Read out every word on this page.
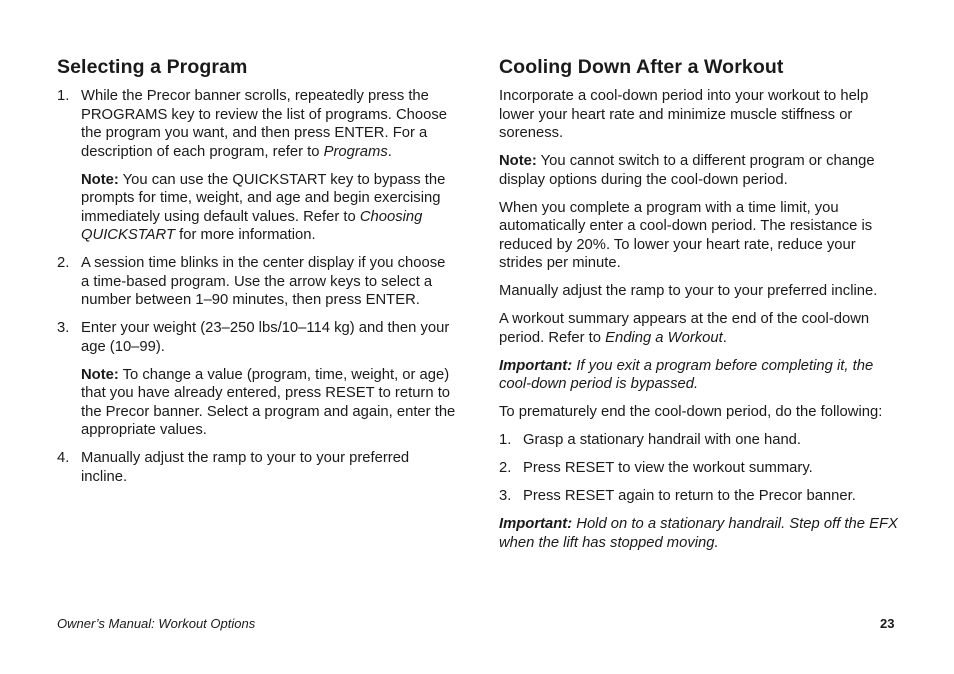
Selecting a Program
1. While the Precor banner scrolls, repeatedly press the PROGRAMS key to review the list of programs. Choose the program you want, and then press ENTER. For a description of each program, refer to Programs.

Note: You can use the QUICKSTART key to bypass the prompts for time, weight, and age and begin exercising immediately using default values. Refer to Choosing QUICKSTART for more information.

2. A session time blinks in the center display if you choose a time-based program. Use the arrow keys to select a number between 1–90 minutes, then press ENTER.

3. Enter your weight (23–250 lbs/10–114 kg) and then your age (10–99).

Note: To change a value (program, time, weight, or age) that you have already entered, press RESET to return to the Precor banner. Select a program and again, enter the appropriate values.

4. Manually adjust the ramp to your to your preferred incline.

Cooling Down After a Workout

Incorporate a cool-down period into your workout to help lower your heart rate and minimize muscle stiffness or soreness.

Note: You cannot switch to a different program or change display options during the cool-down period.

When you complete a program with a time limit, you automatically enter a cool-down period. The resistance is reduced by 20%. To lower your heart rate, reduce your strides per minute.

Manually adjust the ramp to your to your preferred incline.

A workout summary appears at the end of the cool-down period. Refer to Ending a Workout.

Important: If you exit a program before completing it, the cool-down period is bypassed.

To prematurely end the cool-down period, do the following:

1. Grasp a stationary handrail with one hand.

2. Press RESET to view the workout summary.

3. Press RESET again to return to the Precor banner.

Important: Hold on to a stationary handrail. Step off the EFX when the lift has stopped moving.

Owner’s Manual: Workout Options	23
